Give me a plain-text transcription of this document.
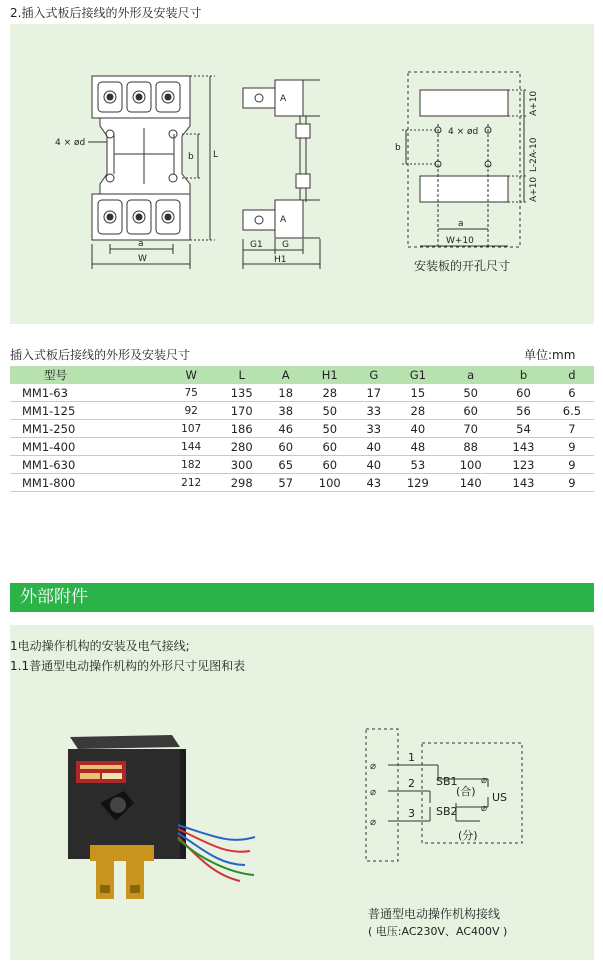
2.插入式板后接线的外形及安装尺寸
4 × ød
b L
a
W
A
A
G1 G
H1
4 × ød
b
a
W+10
A+10
L-2A-10
A+10
安装板的开孔尺寸
插入式板后接线的外形及安装尺寸	单位:mm
型号	W	L	A	H1	G	G1	a	b	d
MM1-63	75	135	18	28	17	15	50	60	6
MM1-125	92	170	38	50	33	28	60	56	6.5
MM1-250	107	186	46	50	33	40	70	54	7
MM1-400	144	280	60	60	40	48	88	143	9
MM1-630	182	300	65	60	40	53	100	123	9
MM1-800	212	298	57	100	43	129	140	143	9
外部附件
1电动操作机构的安装及电气接线;
1.1普通型电动操作机构的外形尺寸见图和表
⌀
⌀
⌀
⌀
⌀
1
2
3
SB1
(合)
SB2
(分)
US
普通型电动操作机构接线
( 电压:AC230V、AC400V )
